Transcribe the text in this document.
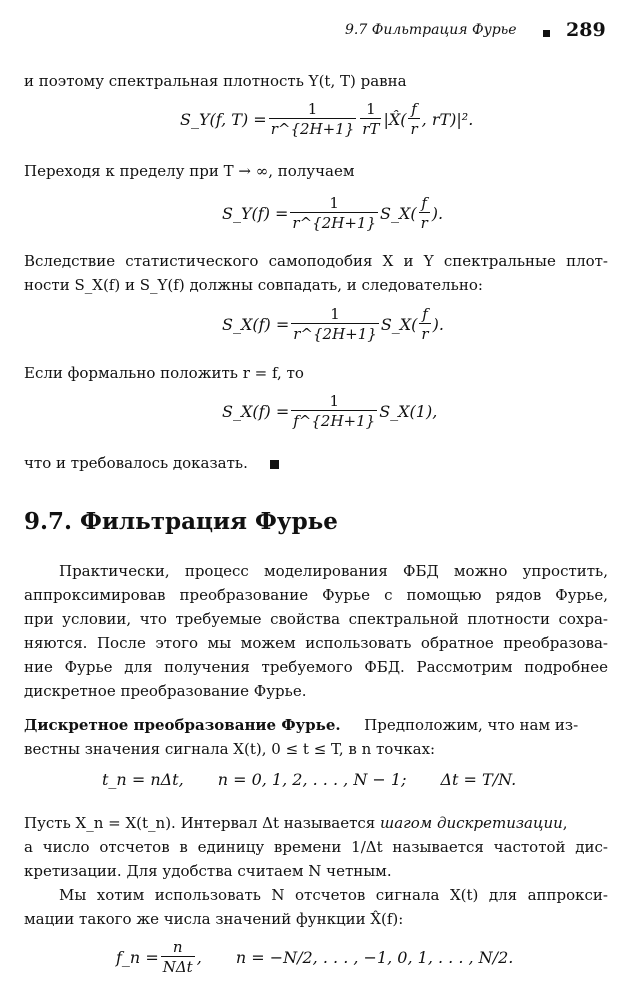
9.7 Фильтрация Фурье	289
и поэтому спектральная плотность Y(t, T) равна
S_Y(f, $T) = \frac{1}{r\^{}\{2H+1\}} \frac{1}{rT}$ |X̂( $\frac{f}{r}$ , rT)|².
Переходя к пределу при T → ∞, получаем
S_Y(f) = $\frac{1}{r\^{}\{2H+1\}}$ S_X( $\frac{f}{r}$ ).
Вследствие статистического самоподобия X и Y спектральные плот-
ности S_X(f) и S_Y(f) должны совпадать, и следовательно:
S_X(f) = $\frac{1}{r\^{}\{2H+1\}}$ S_X( $\frac{f}{r}$ ).
Если формально положить r = f, то
S_X(f) = $\frac{1}{f\^{}\{2H+1\}}$ S_X(1),
что и требовалось доказать.
9.7. Фильтрация Фурье
Практически, процесс моделирования ФБД можно упростить,
аппроксимировав преобразование Фурье с помощью рядов Фурье,
при условии, что требуемые свойства спектральной плотности сохра-
няются. После этого мы можем использовать обратное преобразова-
ние Фурье для получения требуемого ФБД. Рассмотрим подробнее
дискретное преобразование Фурье.
Дискретное преобразование Фурье. Предположим, что нам из-
вестны значения сигнала X(t), 0 ≤ t ≤ T, в n точках:
t_n = nΔt, n = 0, 1, 2, . . . , N − 1; Δt = T/N.
Пусть X_n = X(t_n). Интервал Δt называется шагом дискретизации,
а число отсчетов в единицу времени 1/Δt называется частотой дис-
кретизации. Для удобства считаем N четным.
Мы хотим использовать N отсчетов сигнала X(t) для аппрокси-
мации такого же числа значений функции X̂(f):
f_n = $\frac{n}{\text{NΔt}}$ , n = −N/2, . . . , −1, 0, 1, . . . , N/2.
